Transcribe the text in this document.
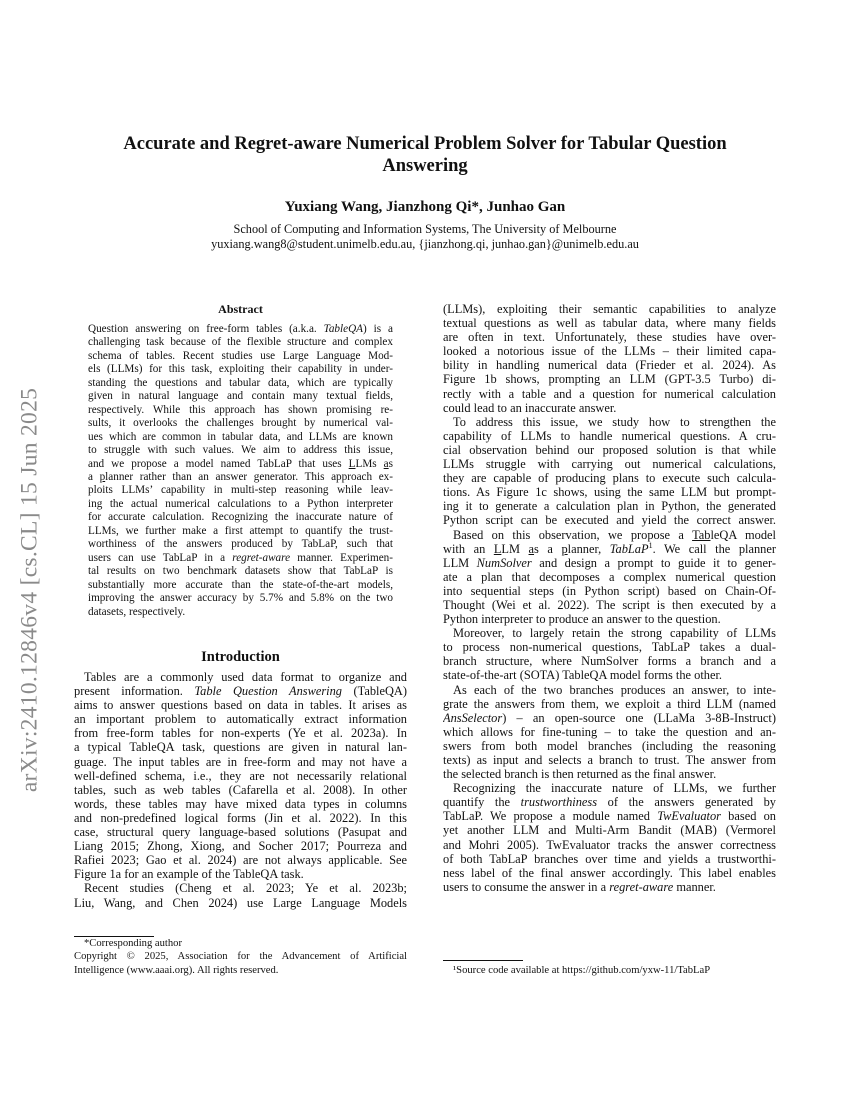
arXiv:2410.12846v4 [cs.CL] 15 Jun 2025
Accurate and Regret-aware Numerical Problem Solver for Tabular Question
Answering
Yuxiang Wang, Jianzhong Qi*, Junhao Gan
School of Computing and Information Systems, The University of Melbourne
yuxiang.wang8@student.unimelb.edu.au, {jianzhong.qi, junhao.gan}@unimelb.edu.au
Abstract
Question answering on free-form tables (a.k.a. TableQA) is a
challenging task because of the flexible structure and complex
schema of tables. Recent studies use Large Language Mod-
els (LLMs) for this task, exploiting their capability in under-
standing the questions and tabular data, which are typically
given in natural language and contain many textual fields,
respectively. While this approach has shown promising re-
sults, it overlooks the challenges brought by numerical val-
ues which are common in tabular data, and LLMs are known
to struggle with such values. We aim to address this issue,
and we propose a model named TabLaP that uses LLMs as
a planner rather than an answer generator. This approach ex-
ploits LLMs’ capability in multi-step reasoning while leav-
ing the actual numerical calculations to a Python interpreter
for accurate calculation. Recognizing the inaccurate nature of
LLMs, we further make a first attempt to quantify the trust-
worthiness of the answers produced by TabLaP, such that
users can use TabLaP in a regret-aware manner. Experimen-
tal results on two benchmark datasets show that TabLaP is
substantially more accurate than the state-of-the-art models,
improving the answer accuracy by 5.7% and 5.8% on the two
datasets, respectively.
Introduction
Tables are a commonly used data format to organize and
present information. Table Question Answering (TableQA)
aims to answer questions based on data in tables. It arises as
an important problem to automatically extract information
from free-form tables for non-experts (Ye et al. 2023a). In
a typical TableQA task, questions are given in natural lan-
guage. The input tables are in free-form and may not have a
well-defined schema, i.e., they are not necessarily relational
tables, such as web tables (Cafarella et al. 2008). In other
words, these tables may have mixed data types in columns
and non-predefined logical forms (Jin et al. 2022). In this
case, structural query language-based solutions (Pasupat and
Liang 2015; Zhong, Xiong, and Socher 2017; Pourreza and
Rafiei 2023; Gao et al. 2024) are not always applicable. See
Figure 1a for an example of the TableQA task.
Recent studies (Cheng et al. 2023; Ye et al. 2023b;
Liu, Wang, and Chen 2024) use Large Language Models
(LLMs), exploiting their semantic capabilities to analyze
textual questions as well as tabular data, where many fields
are often in text. Unfortunately, these studies have over-
looked a notorious issue of the LLMs – their limited capa-
bility in handling numerical data (Frieder et al. 2024). As
Figure 1b shows, prompting an LLM (GPT-3.5 Turbo) di-
rectly with a table and a question for numerical calculation
could lead to an inaccurate answer.
To address this issue, we study how to strengthen the
capability of LLMs to handle numerical questions. A cru-
cial observation behind our proposed solution is that while
LLMs struggle with carrying out numerical calculations,
they are capable of producing plans to execute such calcula-
tions. As Figure 1c shows, using the same LLM but prompt-
ing it to generate a calculation plan in Python, the generated
Python script can be executed and yield the correct answer.
Based on this observation, we propose a TableQA model
with an LLM as a planner, TabLaP$^1$. We call the planner
LLM NumSolver and design a prompt to guide it to gener-
ate a plan that decomposes a complex numerical question
into sequential steps (in Python script) based on Chain-Of-
Thought (Wei et al. 2022). The script is then executed by a
Python interpreter to produce an answer to the question.
Moreover, to largely retain the strong capability of LLMs
to process non-numerical questions, TabLaP takes a dual-
branch structure, where NumSolver forms a branch and a
state-of-the-art (SOTA) TableQA model forms the other.
As each of the two branches produces an answer, to inte-
grate the answers from them, we exploit a third LLM (named
AnsSelector) – an open-source one (LLaMa 3-8B-Instruct)
which allows for fine-tuning – to take the question and an-
swers from both model branches (including the reasoning
texts) as input and selects a branch to trust. The answer from
the selected branch is then returned as the final answer.
Recognizing the inaccurate nature of LLMs, we further
quantify the trustworthiness of the answers generated by
TabLaP. We propose a module named TwEvaluator based on
yet another LLM and Multi-Arm Bandit (MAB) (Vermorel
and Mohri 2005). TwEvaluator tracks the answer correctness
of both TabLaP branches over time and yields a trustworthi-
ness label of the final answer accordingly. This label enables
users to consume the answer in a regret-aware manner.
*Corresponding author
Copyright © 2025, Association for the Advancement of Artificial
Intelligence (www.aaai.org). All rights reserved.	¹Source code available at https://github.com/yxw-11/TabLaP
